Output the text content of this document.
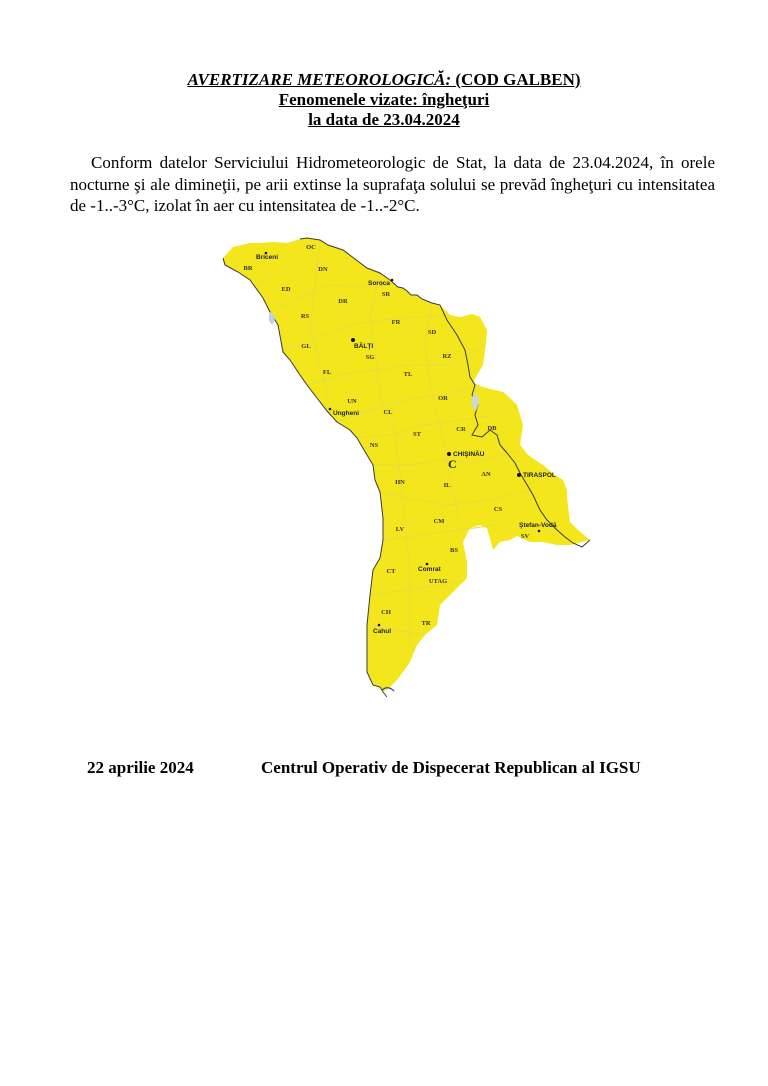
AVERTIZARE METEOROLOGICĂ: (COD GALBEN)
Fenomenele vizate: îngheţuri
la data de 23.04.2024

Conform datelor Serviciului Hidrometeorologic de Stat, la data de 23.04.2024, în orele nocturne şi ale dimineţii, pe arii extinse la suprafaţa solului se prevăd îngheţuri cu intensitatea de -1..-3°C, izolat în aer cu intensitatea de -1..-2°C.

OC
BR	DN
ED
SR
DR
RS
FR
SD
GL
SG	RZ
FL	TL
OR
UN
CL
CR	DB
ST
NS
AN
HN	IL
CS
CM
LV
SV
BS
CT
UTAG
CH
TR
Briceni
Soroca
BĂLŢI
Ungheni
CHIŞINĂU
TIRASPOL
Ştefan-Vodă
Comrat
Cahul
C
22 aprilie 2024	Centrul Operativ de Dispecerat Republican al IGSU
